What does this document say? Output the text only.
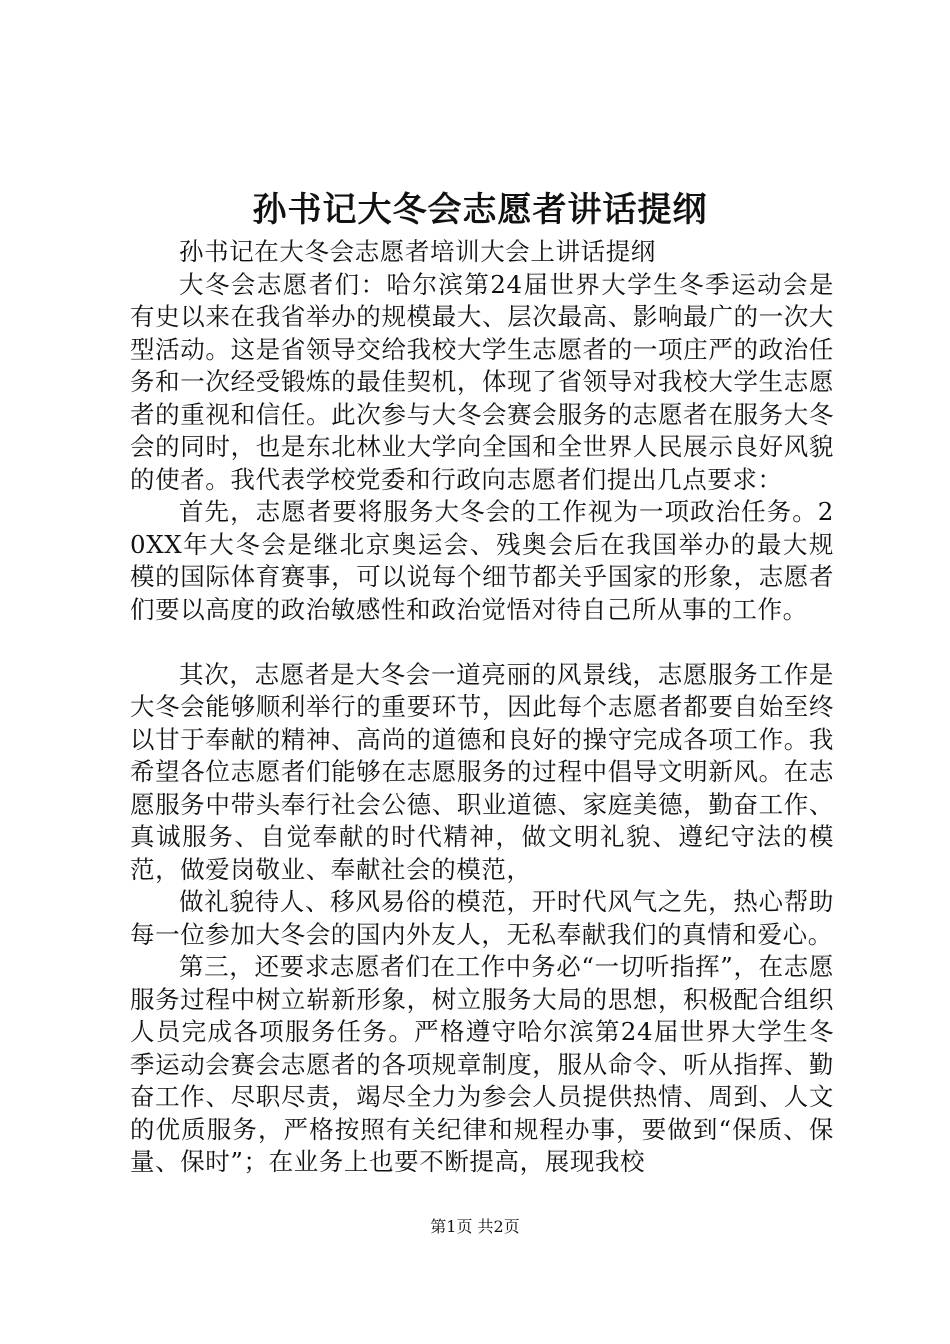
孙书记大冬会志愿者讲话提纲

孙书记在大冬会志愿者培训大会上讲话提纲

大冬会志愿者们：哈尔滨第24届世界大学生冬季运动会是有史以来在我省举办的规模最大、层次最高、影响最广的一次大型活动。这是省领导交给我校大学生志愿者的一项庄严的政治任务和一次经受锻炼的最佳契机，体现了省领导对我校大学生志愿者的重视和信任。此次参与大冬会赛会服务的志愿者在服务大冬会的同时，也是东北林业大学向全国和全世界人民展示良好风貌的使者。我代表学校党委和行政向志愿者们提出几点要求：

首先，志愿者要将服务大冬会的工作视为一项政治任务。20XX年大冬会是继北京奥运会、残奥会后在我国举办的最大规模的国际体育赛事，可以说每个细节都关乎国家的形象，志愿者们要以高度的政治敏感性和政治觉悟对待自己所从事的工作。

其次，志愿者是大冬会一道亮丽的风景线，志愿服务工作是大冬会能够顺利举行的重要环节，因此每个志愿者都要自始至终以甘于奉献的精神、高尚的道德和良好的操守完成各项工作。我希望各位志愿者们能够在志愿服务的过程中倡导文明新风。在志愿服务中带头奉行社会公德、职业道德、家庭美德，勤奋工作、真诚服务、自觉奉献的时代精神，做文明礼貌、遵纪守法的模范，做爱岗敬业、奉献社会的模范，

做礼貌待人、移风易俗的模范，开时代风气之先，热心帮助每一位参加大冬会的国内外友人，无私奉献我们的真情和爱心。

第三，还要求志愿者们在工作中务必“一切听指挥”，在志愿服务过程中树立崭新形象，树立服务大局的思想，积极配合组织人员完成各项服务任务。严格遵守哈尔滨第24届世界大学生冬季运动会赛会志愿者的各项规章制度，服从命令、听从指挥、勤奋工作、尽职尽责，竭尽全力为参会人员提供热情、周到、人文的优质服务，严格按照有关纪律和规程办事，要做到“保质、保量、保时”；在业务上也要不断提高，展现我校

第1页 共2页
